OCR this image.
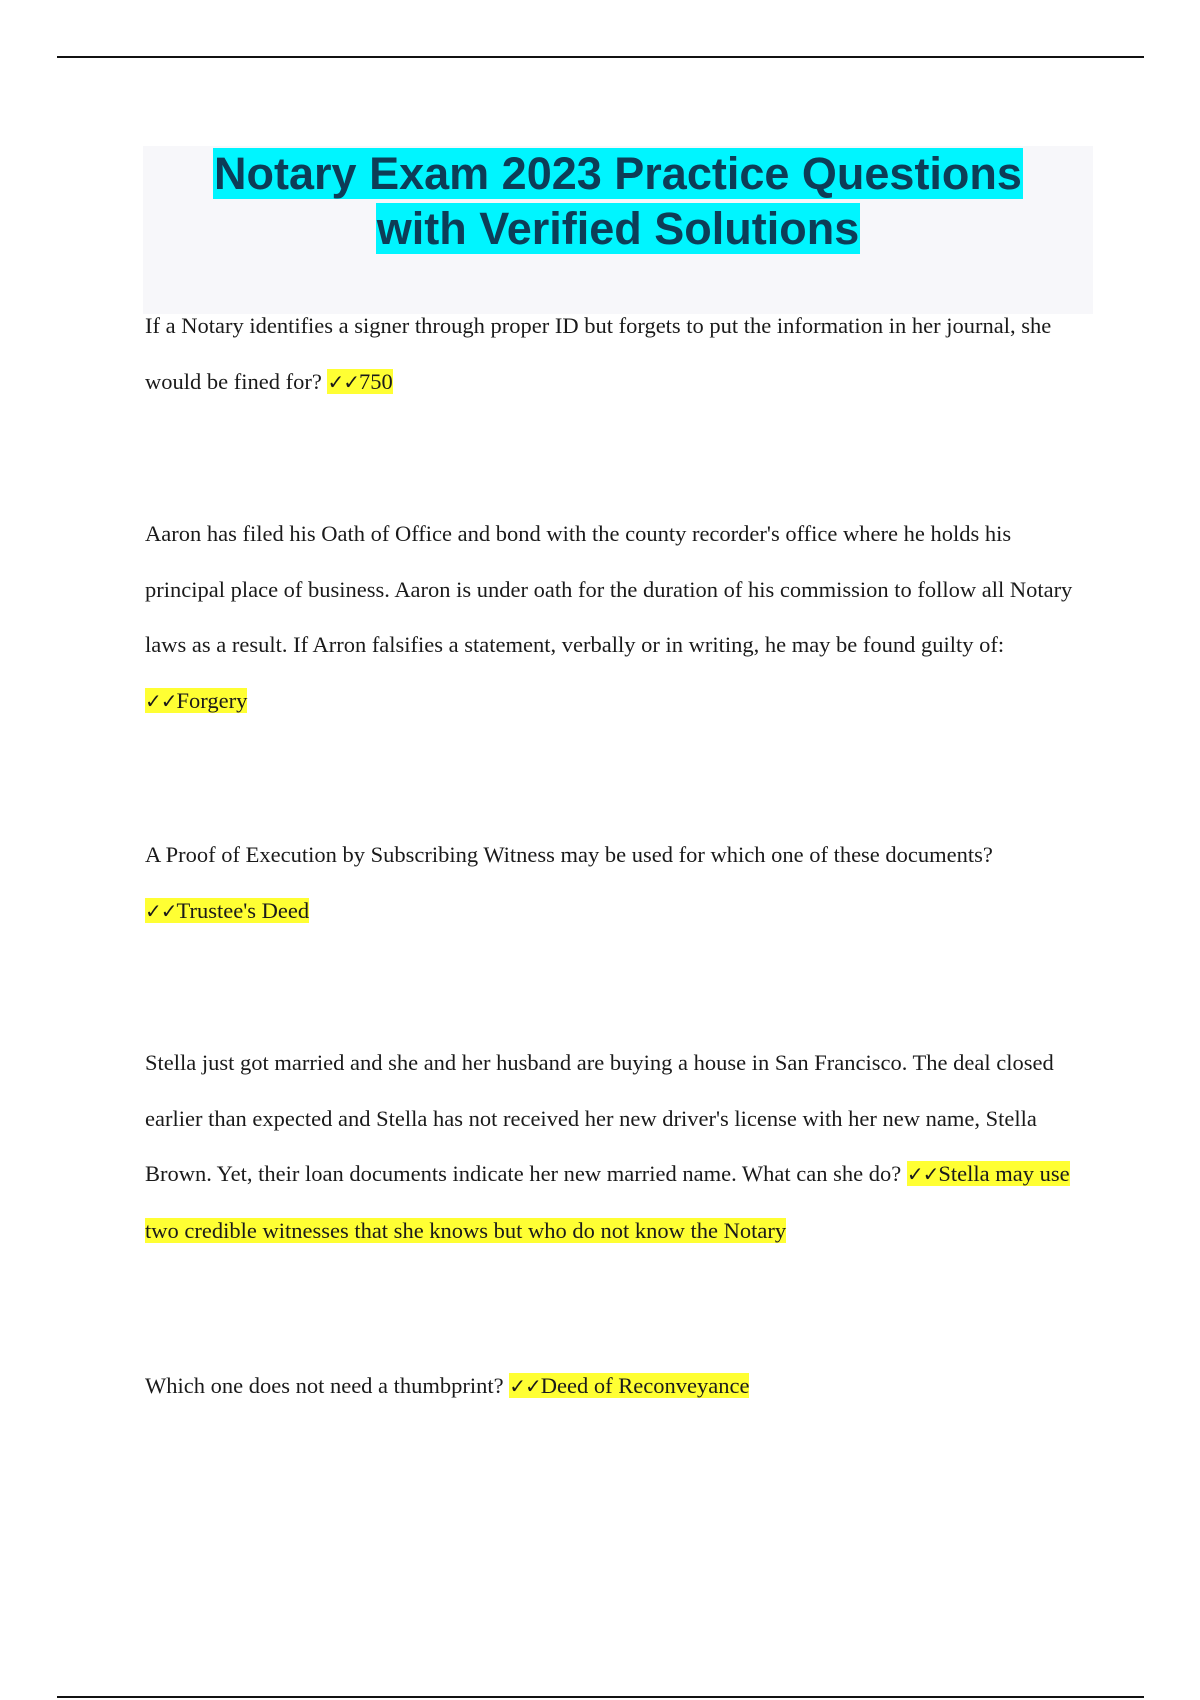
Notary Exam 2023 Practice Questions
with Verified Solutions

If a Notary identifies a signer through proper ID but forgets to put the information in her journal, she would be fined for? ✓✓750

Aaron has filed his Oath of Office and bond with the county recorder's office where he holds his principal place of business. Aaron is under oath for the duration of his commission to follow all Notary laws as a result. If Arron falsifies a statement, verbally or in writing, he may be found guilty of: ✓✓Forgery

A Proof of Execution by Subscribing Witness may be used for which one of these documents? ✓✓Trustee's Deed

Stella just got married and she and her husband are buying a house in San Francisco. The deal closed earlier than expected and Stella has not received her new driver's license with her new name, Stella Brown. Yet, their loan documents indicate her new married name. What can she do? ✓✓Stella may use two credible witnesses that she knows but who do not know the Notary

Which one does not need a thumbprint? ✓✓Deed of Reconveyance
